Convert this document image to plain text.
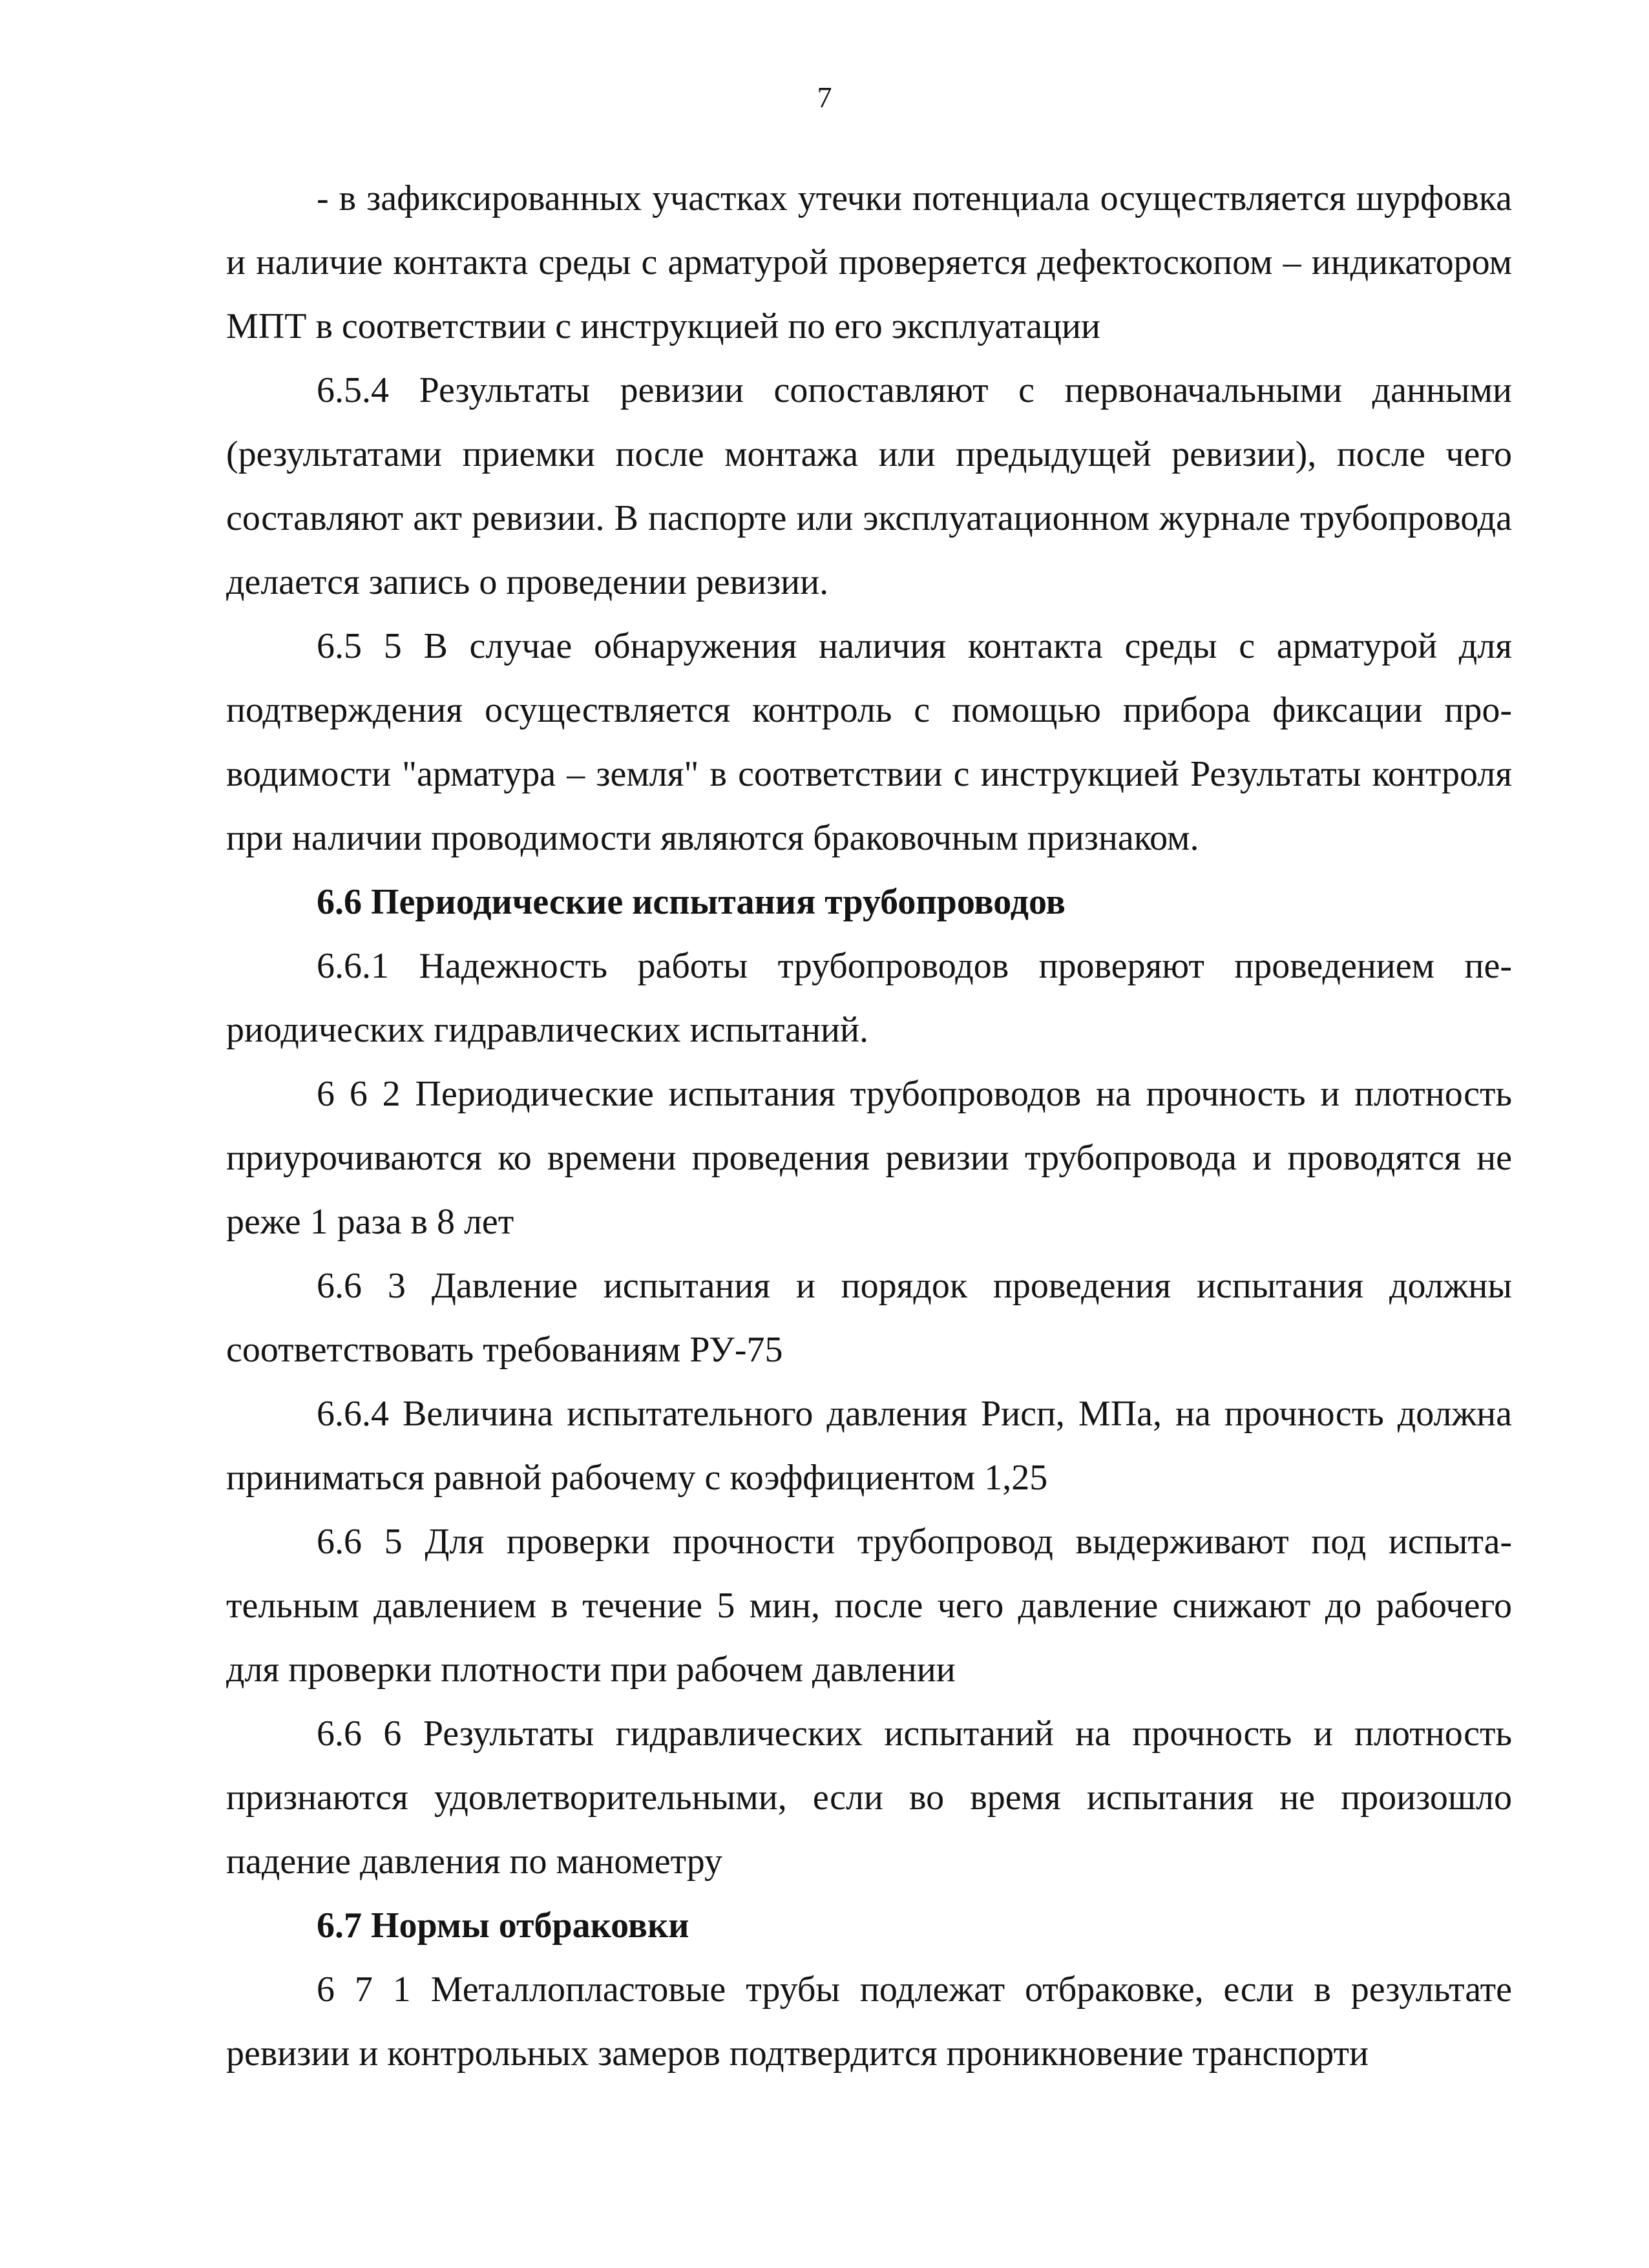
7

- в зафиксированных участках утечки потенциала осуществляется шурфовка и наличие контакта среды с арматурой проверяется дефектоскопом – индикатором МПТ в соответствии с инструкцией по его эксплуатации

6.5.4 Результаты ревизии сопоставляют с первоначальными данными (результатами приемки после монтажа или предыдущей ревизии), после чего составляют акт ревизии. В паспорте или эксплуатационном журнале трубопровода делается запись о проведении ревизии.

6.5 5 В случае обнаружения наличия контакта среды с арматурой для подтверждения осуществляется контроль с помощью прибора фиксации проводимости "арматура – земля" в соответствии с инструкцией Результаты контроля при наличии проводимости являются браковочным признаком.

6.6 Периодические испытания трубопроводов

6.6.1 Надежность работы трубопроводов проверяют проведением периодических гидравлических испытаний.

6 6 2 Периодические испытания трубопроводов на прочность и плотность приурочиваются ко времени проведения ревизии трубопровода и проводятся не реже 1 раза в 8 лет

6.6 3 Давление испытания и порядок проведения испытания должны соответствовать требованиям РУ-75

6.6.4 Величина испытательного давления Рисп, МПа, на прочность должна приниматься равной рабочему с коэффициентом 1,25

6.6 5 Для проверки прочности трубопровод выдерживают под испытательным давлением в течение 5 мин, после чего давление снижают до рабочего для проверки плотности при рабочем давлении

6.6 6 Результаты гидравлических испытаний на прочность и плотность признаются удовлетворительными, если во время испытания не произошло падение давления по манометру

6.7 Нормы отбраковки

6 7 1 Металлопластовые трубы подлежат отбраковке, если в результате ревизии и контрольных замеров подтвердится проникновение транспорти
